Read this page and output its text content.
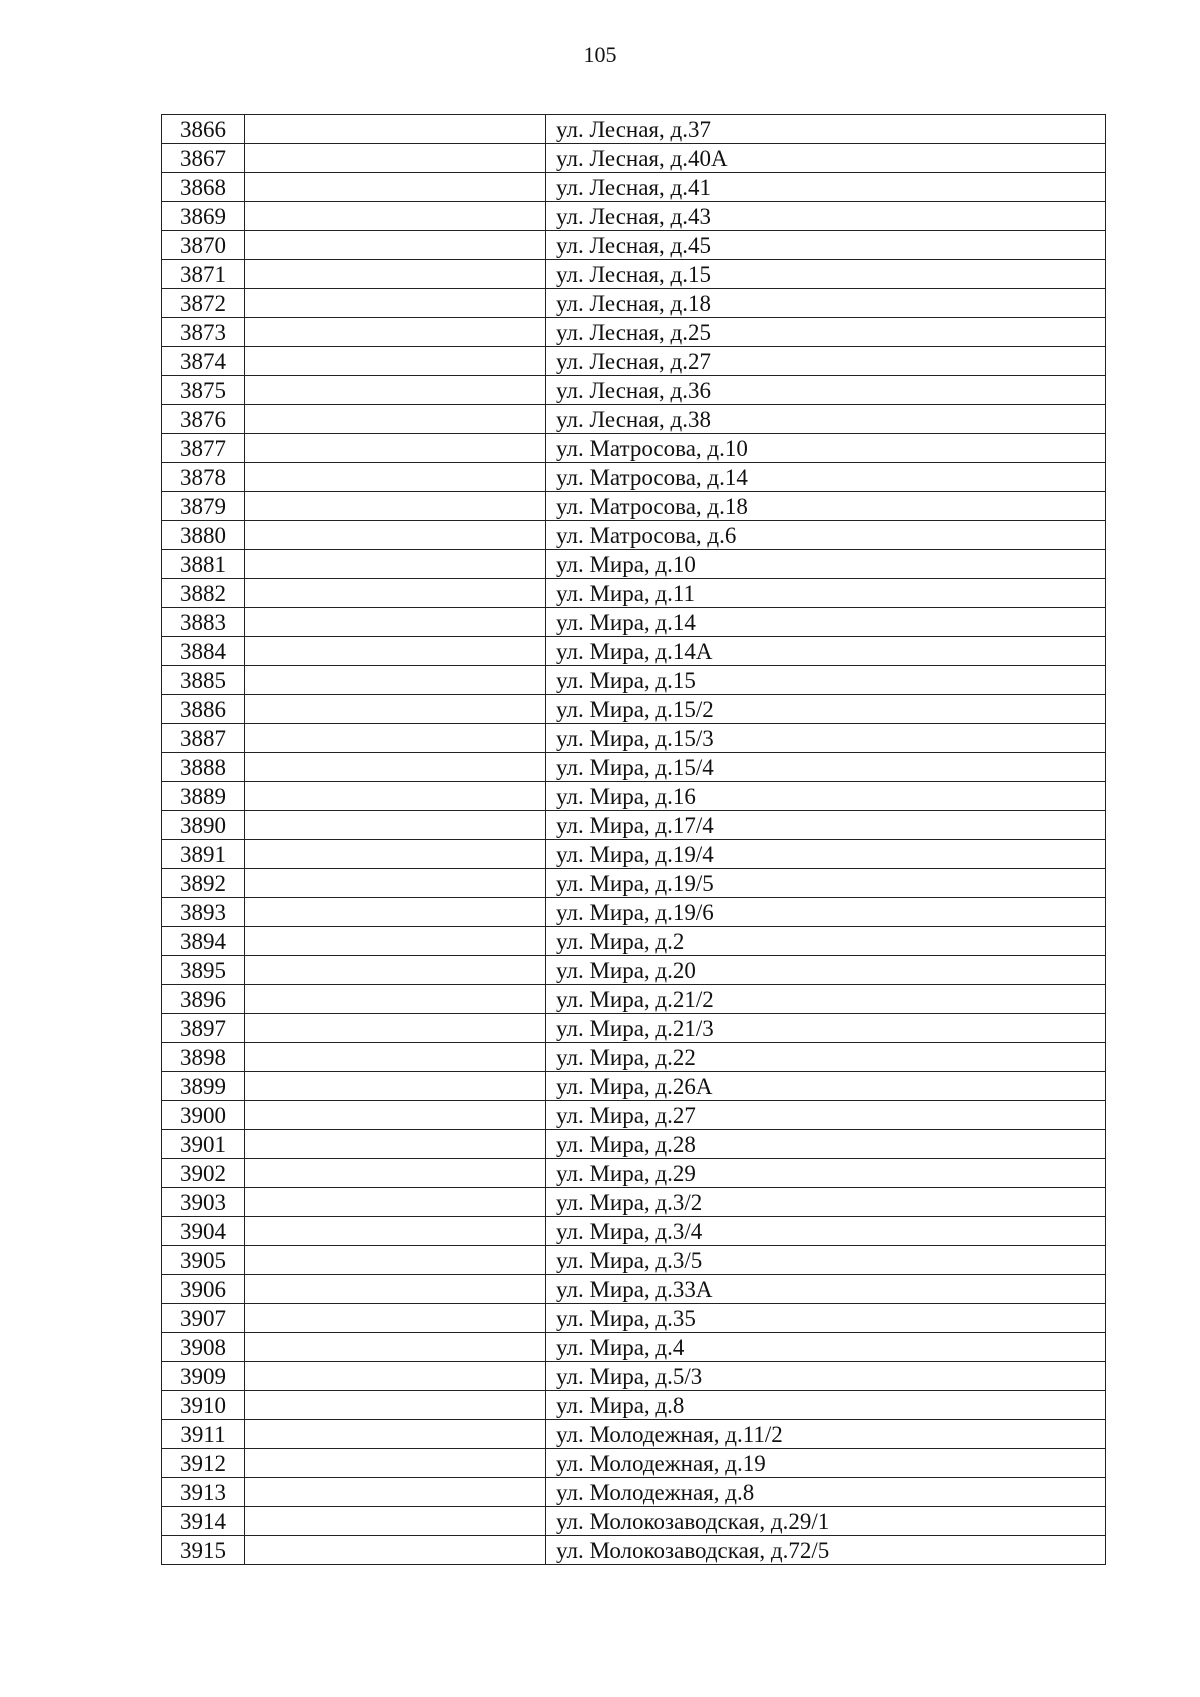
105
3866		ул. Лесная, д.37
3867		ул. Лесная, д.40А
3868		ул. Лесная, д.41
3869		ул. Лесная, д.43
3870		ул. Лесная, д.45
3871		ул. Лесная, д.15
3872		ул. Лесная, д.18
3873		ул. Лесная, д.25
3874		ул. Лесная, д.27
3875		ул. Лесная, д.36
3876		ул. Лесная, д.38
3877		ул. Матросова, д.10
3878		ул. Матросова, д.14
3879		ул. Матросова, д.18
3880		ул. Матросова, д.6
3881		ул. Мира, д.10
3882		ул. Мира, д.11
3883		ул. Мира, д.14
3884		ул. Мира, д.14А
3885		ул. Мира, д.15
3886		ул. Мира, д.15/2
3887		ул. Мира, д.15/3
3888		ул. Мира, д.15/4
3889		ул. Мира, д.16
3890		ул. Мира, д.17/4
3891		ул. Мира, д.19/4
3892		ул. Мира, д.19/5
3893		ул. Мира, д.19/6
3894		ул. Мира, д.2
3895		ул. Мира, д.20
3896		ул. Мира, д.21/2
3897		ул. Мира, д.21/3
3898		ул. Мира, д.22
3899		ул. Мира, д.26А
3900		ул. Мира, д.27
3901		ул. Мира, д.28
3902		ул. Мира, д.29
3903		ул. Мира, д.3/2
3904		ул. Мира, д.3/4
3905		ул. Мира, д.3/5
3906		ул. Мира, д.33А
3907		ул. Мира, д.35
3908		ул. Мира, д.4
3909		ул. Мира, д.5/3
3910		ул. Мира, д.8
3911		ул. Молодежная, д.11/2
3912		ул. Молодежная, д.19
3913		ул. Молодежная, д.8
3914		ул. Молокозаводская, д.29/1
3915		ул. Молокозаводская, д.72/5
